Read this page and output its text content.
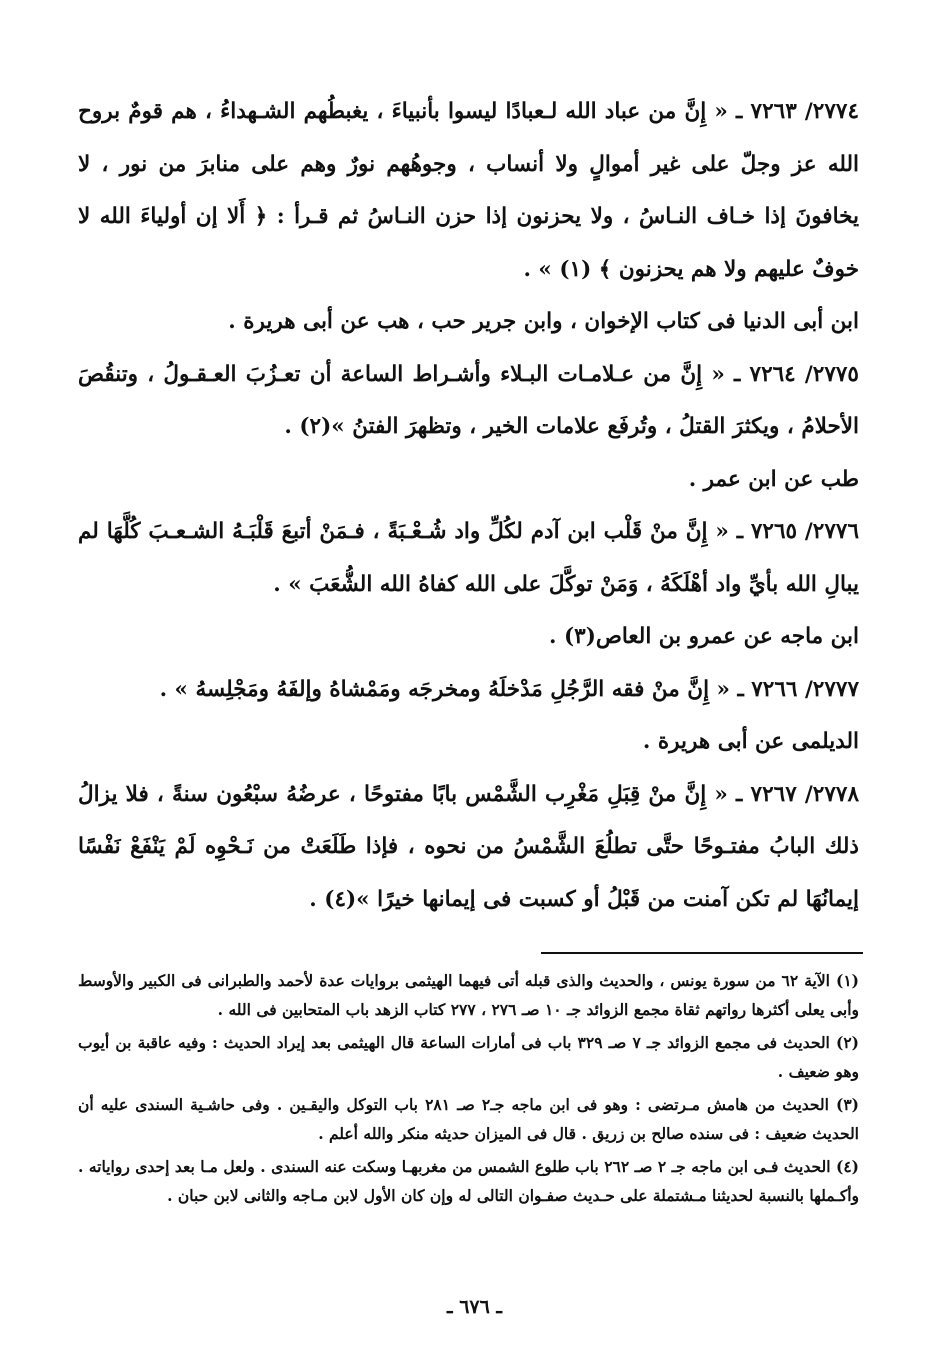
٢٧٧٤/ ٧٢٦٣ ـ « إِنَّ من عباد الله لـعبادًا ليسوا بأنبياءَ ، يغبطُهم الشـهداءُ ، هم قومٌ بروح الله عز وجلّ على غير أموالٍ ولا أنساب ، وجوهُهم نورٌ وهم على منابرَ من نور ، لا يخافونَ إذا خـاف النـاسُ ، ولا يحزنون إذا حزن النـاسُ ثم قـرأ : ﴿ أَلا إن أولياءَ الله لا خوفٌ عليهم ولا هم يحزنون ﴾ (١) » .

ابن أبى الدنيا فى كتاب الإخوان ، وابن جرير حب ، هب عن أبى هريرة .

٢٧٧٥/ ٧٢٦٤ ـ « إِنَّ من عـلامـات البـلاء وأشـراط الساعة أن تعـزُبَ العـقـولُ ، وتنقُصَ الأحلامُ ، ويكثرَ القتلُ ، وتُرفَع علامات الخير ، وتظهرَ الفتنُ »(٢) .

طب عن ابن عمر .

٢٧٧٦/ ٧٢٦٥ ـ « إِنَّ منْ قَلْب ابن آدم لكُلِّ واد شُـعْـبَةً ، فـمَنْ أتبعَ قَلْبَـهُ الشـعـبَ كُلَّهَا لم يبالِ الله بأيِّ واد أهْلَكَهُ ، وَمَنْ توكَّلَ على الله كفاهُ الله الشُّعَبَ » .

ابن ماجه عن عمرو بن العاص(٣) .

٢٧٧٧/ ٧٢٦٦ ـ « إِنَّ منْ فقه الرَّجُلِ مَدْخلَهُ ومخرجَه ومَمْشاهُ وإلفَهُ ومَجْلِسهُ » .

الديلمى عن أبى هريرة .

٢٧٧٨/ ٧٢٦٧ ـ « إِنَّ منْ قِبَلِ مَغْرِب الشَّمْس بابًا مفتوحًا ، عرضُهُ سبْعُون سنةً ، فلا يزالُ ذلك البابُ مفتـوحًا حتَّى تطلُعَ الشَّمْسُ من نحوه ، فإذا طَلَعَتْ من نَـحْوِه لَمْ يَنْفَعْ نَفْسًا إيمانُهَا لم تكن آمنت من قَبْلُ أو كسبت فى إيمانها خيرًا »(٤) .

(١) الآية ٦٢ من سورة يونس ، والحديث والذى قبله أتى فيهما الهيثمى بروايات عدة لأحمد والطبرانى فى الكبير والأوسط وأبى يعلى أكثرها رواتهم ثقاة مجمع الزوائد جـ ١٠ صـ ٢٧٦ ، ٢٧٧ كتاب الزهد باب المتحابين فى الله .

(٢) الحديث فى مجمع الزوائد جـ ٧ صـ ٣٢٩ باب فى أمارات الساعة قال الهيثمى بعد إيراد الحديث : وفيه عاقبة بن أيوب وهو ضعيف .

(٣) الحديث من هامش مـرتضى : وهو فى ابن ماجه جـ٢ صـ ٢٨١ باب التوكل واليقـين . وفى حاشـية السندى عليه أن الحديث ضعيف : فى سنده صالح بن زريق . قال فى الميزان حديثه منكر والله أعلم .

(٤) الحديث فـى ابن ماجه جـ ٢ صـ ٢٦٢ باب طلوع الشمس من مغربهـا وسكت عنه السندى . ولعل مـا بعد إحدى رواياته . وأكـملها بالنسبة لحديثنا مـشتملة على حـديث صفـوان التالى له وإن كان الأول لابن مـاجه والثانى لابن حبان .

ـ ٦٧٦ ـ
